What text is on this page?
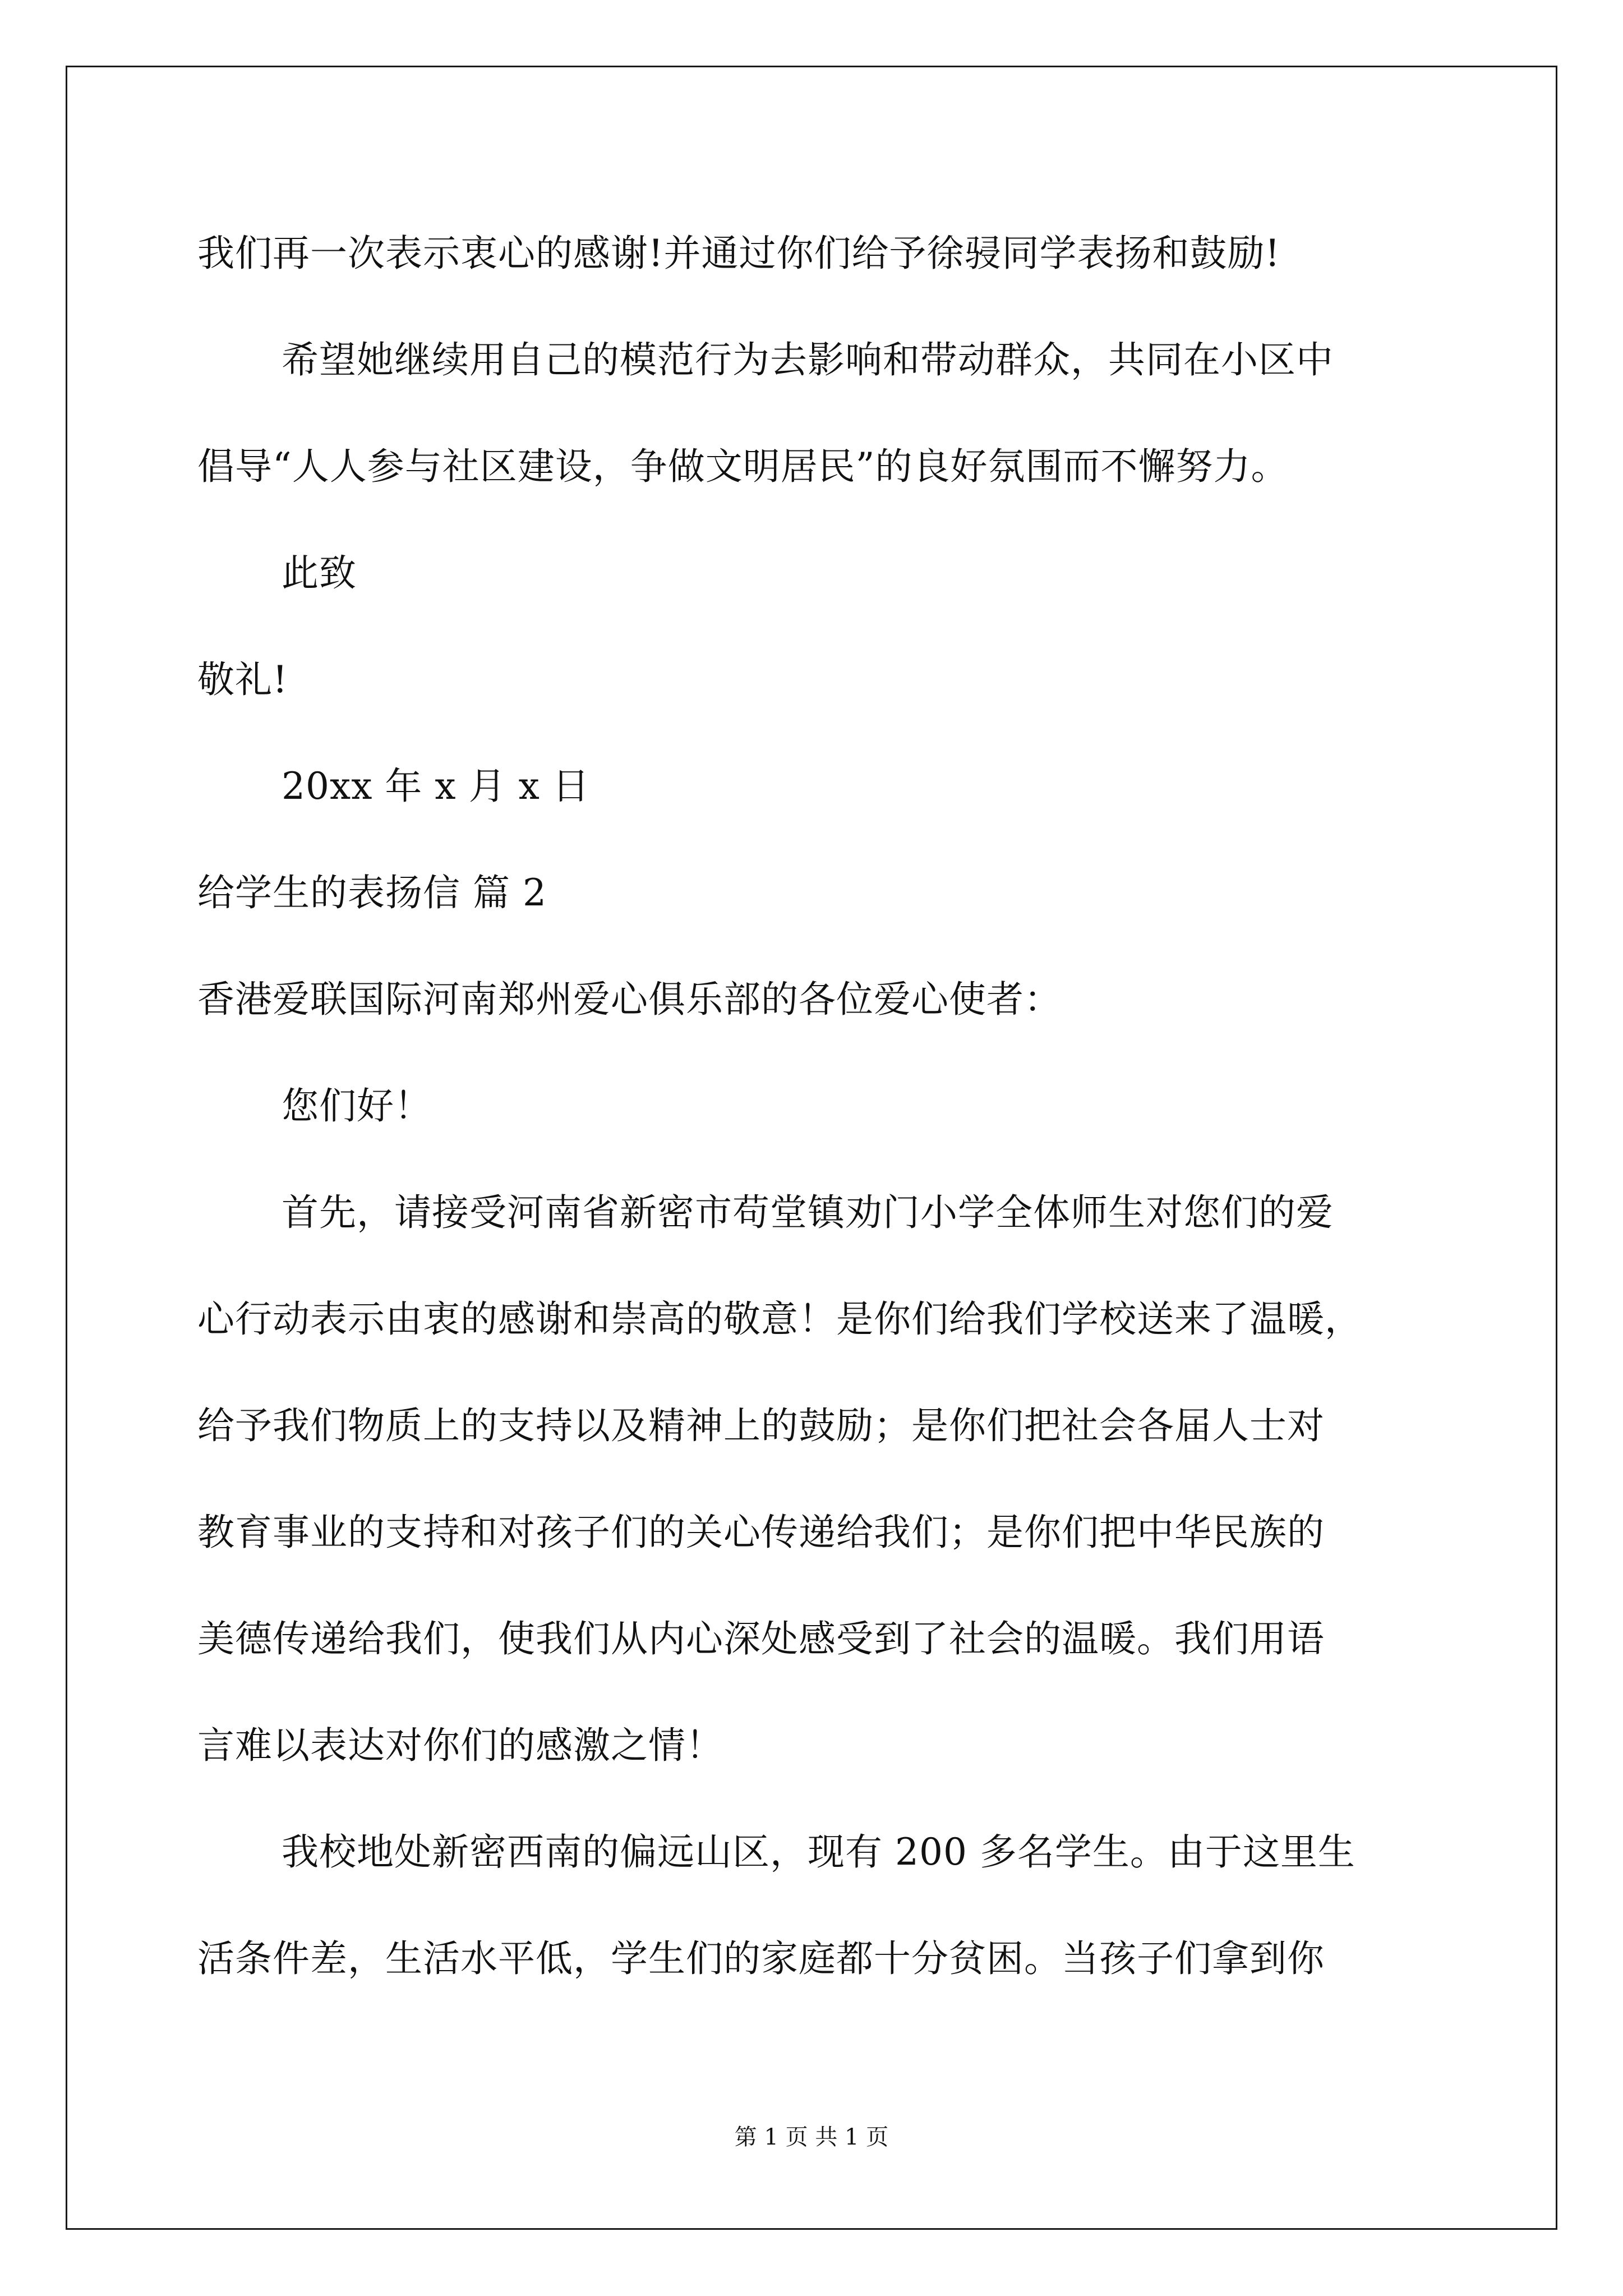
我们再一次表示衷心的感谢!并通过你们给予徐骎同学表扬和鼓励!
希望她继续用自己的模范行为去影响和带动群众，共同在小区中
倡导“人人参与社区建设，争做文明居民”的良好氛围而不懈努力。
此致
敬礼!
20xx 年 x 月 x 日
给学生的表扬信 篇 2
香港爱联国际河南郑州爱心俱乐部的各位爱心使者：
您们好！
首先，请接受河南省新密市苟堂镇劝门小学全体师生对您们的爱
心行动表示由衷的感谢和崇高的敬意！是你们给我们学校送来了温暖，
给予我们物质上的支持以及精神上的鼓励；是你们把社会各届人士对
教育事业的支持和对孩子们的关心传递给我们；是你们把中华民族的
美德传递给我们，使我们从内心深处感受到了社会的温暖。我们用语
言难以表达对你们的感激之情！
我校地处新密西南的偏远山区，现有 200 多名学生。由于这里生
活条件差，生活水平低，学生们的家庭都十分贫困。当孩子们拿到你
第 1 页 共 1 页
